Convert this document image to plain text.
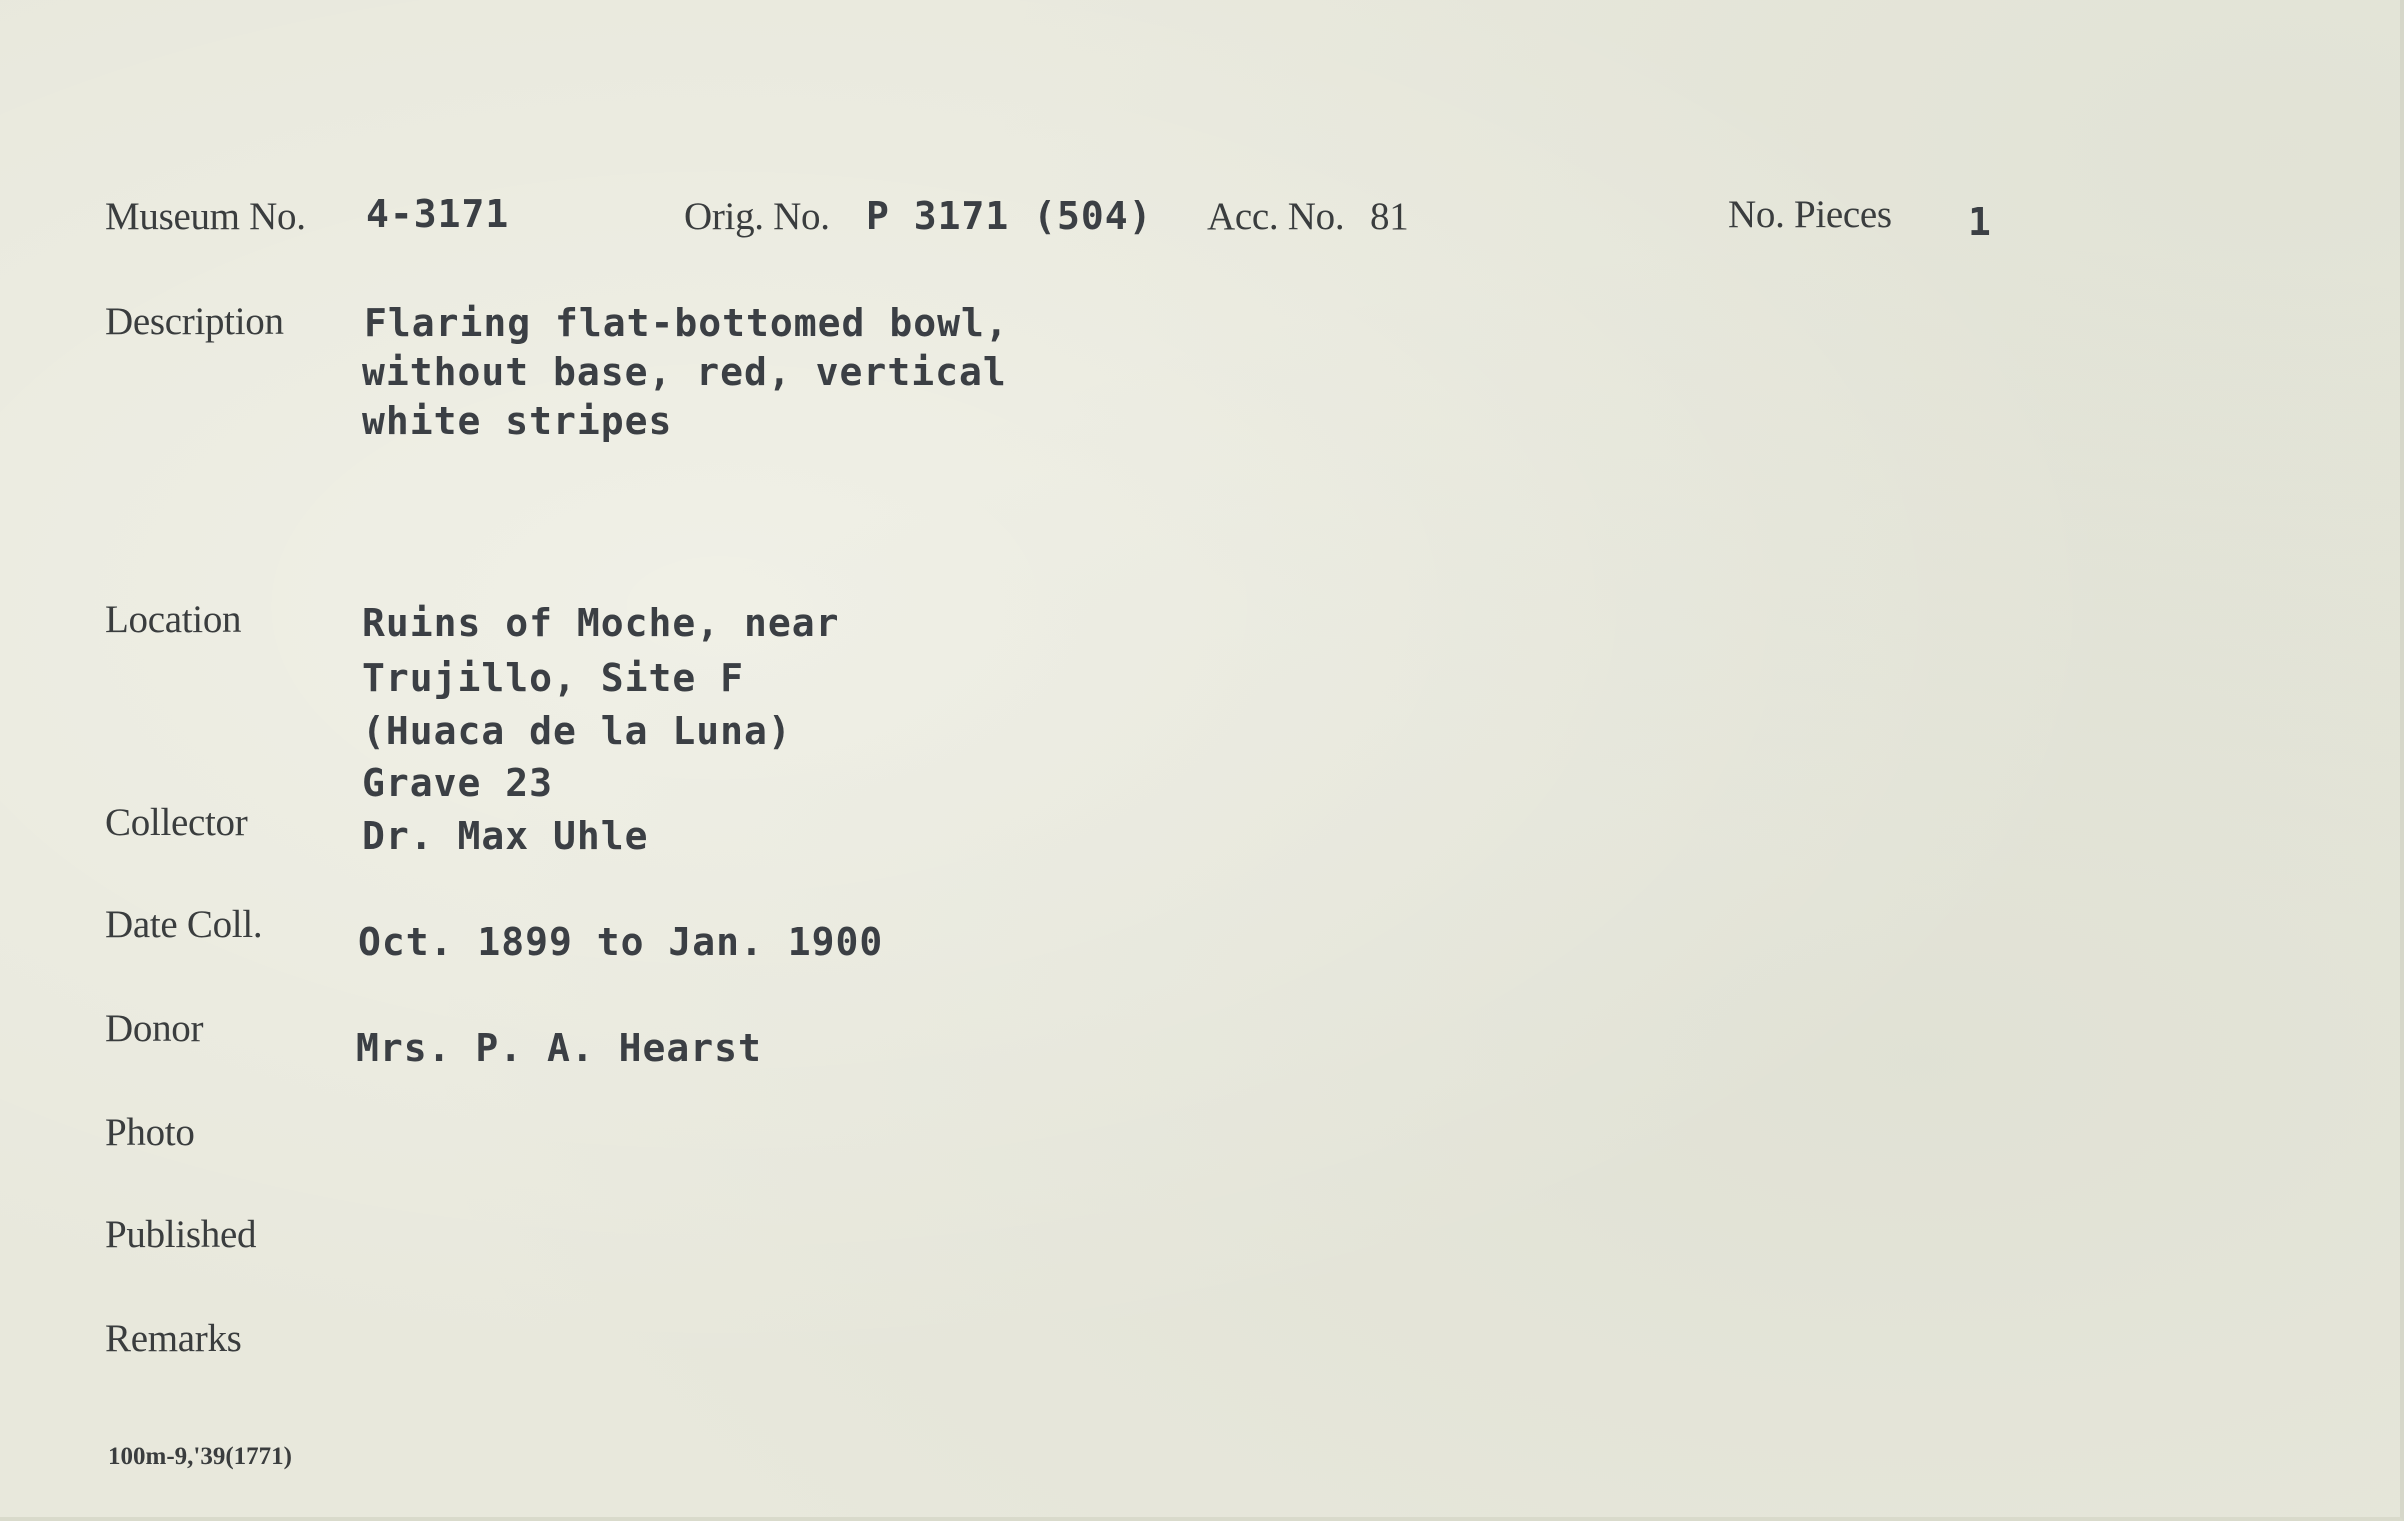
Museum No. 4-3171	Orig. No. P 3171 (504) Acc. No. 81	No. Pieces 1
Description Flaring flat-bottomed bowl,
without base, red, vertical
white stripes
Location	Ruins of Moche, near
Trujillo, Site F
(Huaca de la Luna)
Grave 23
Collector	Dr. Max Uhle
Date Coll.	Oct. 1899 to Jan. 1900
Donor	Mrs. P. A. Hearst
Photo
Published
Remarks
100m-9,'39(1771)
